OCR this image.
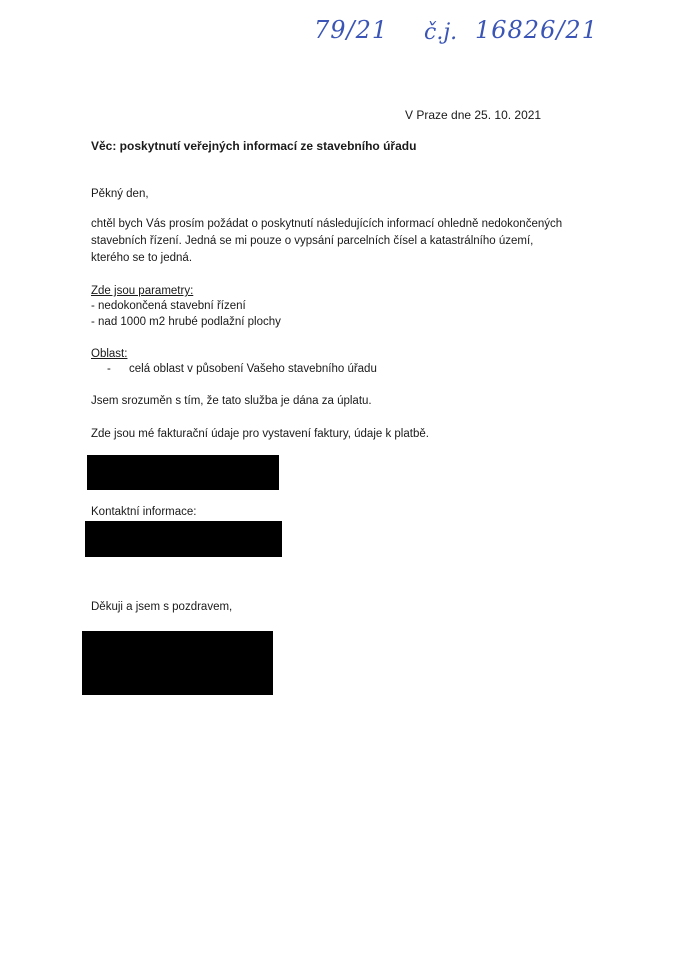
79/21 č.j. 16826/21
V Praze dne 25. 10. 2021
Věc: poskytnutí veřejných informací ze stavebního úřadu
Pěkný den,
chtěl bych Vás prosím požádat o poskytnutí následujících informací ohledně nedokončených
stavebních řízení. Jedná se mi pouze o vypsání parcelních čísel a katastrálního území,
kterého se to jedná.
Zde jsou parametry:
- nedokončená stavební řízení
- nad 1000 m2 hrubé podlažní plochy
Oblast:
- celá oblast v působení Vašeho stavebního úřadu
Jsem srozuměn s tím, že tato služba je dána za úplatu.
Zde jsou mé fakturační údaje pro vystavení faktury, údaje k platbě.
Kontaktní informace:
Děkuji a jsem s pozdravem,
